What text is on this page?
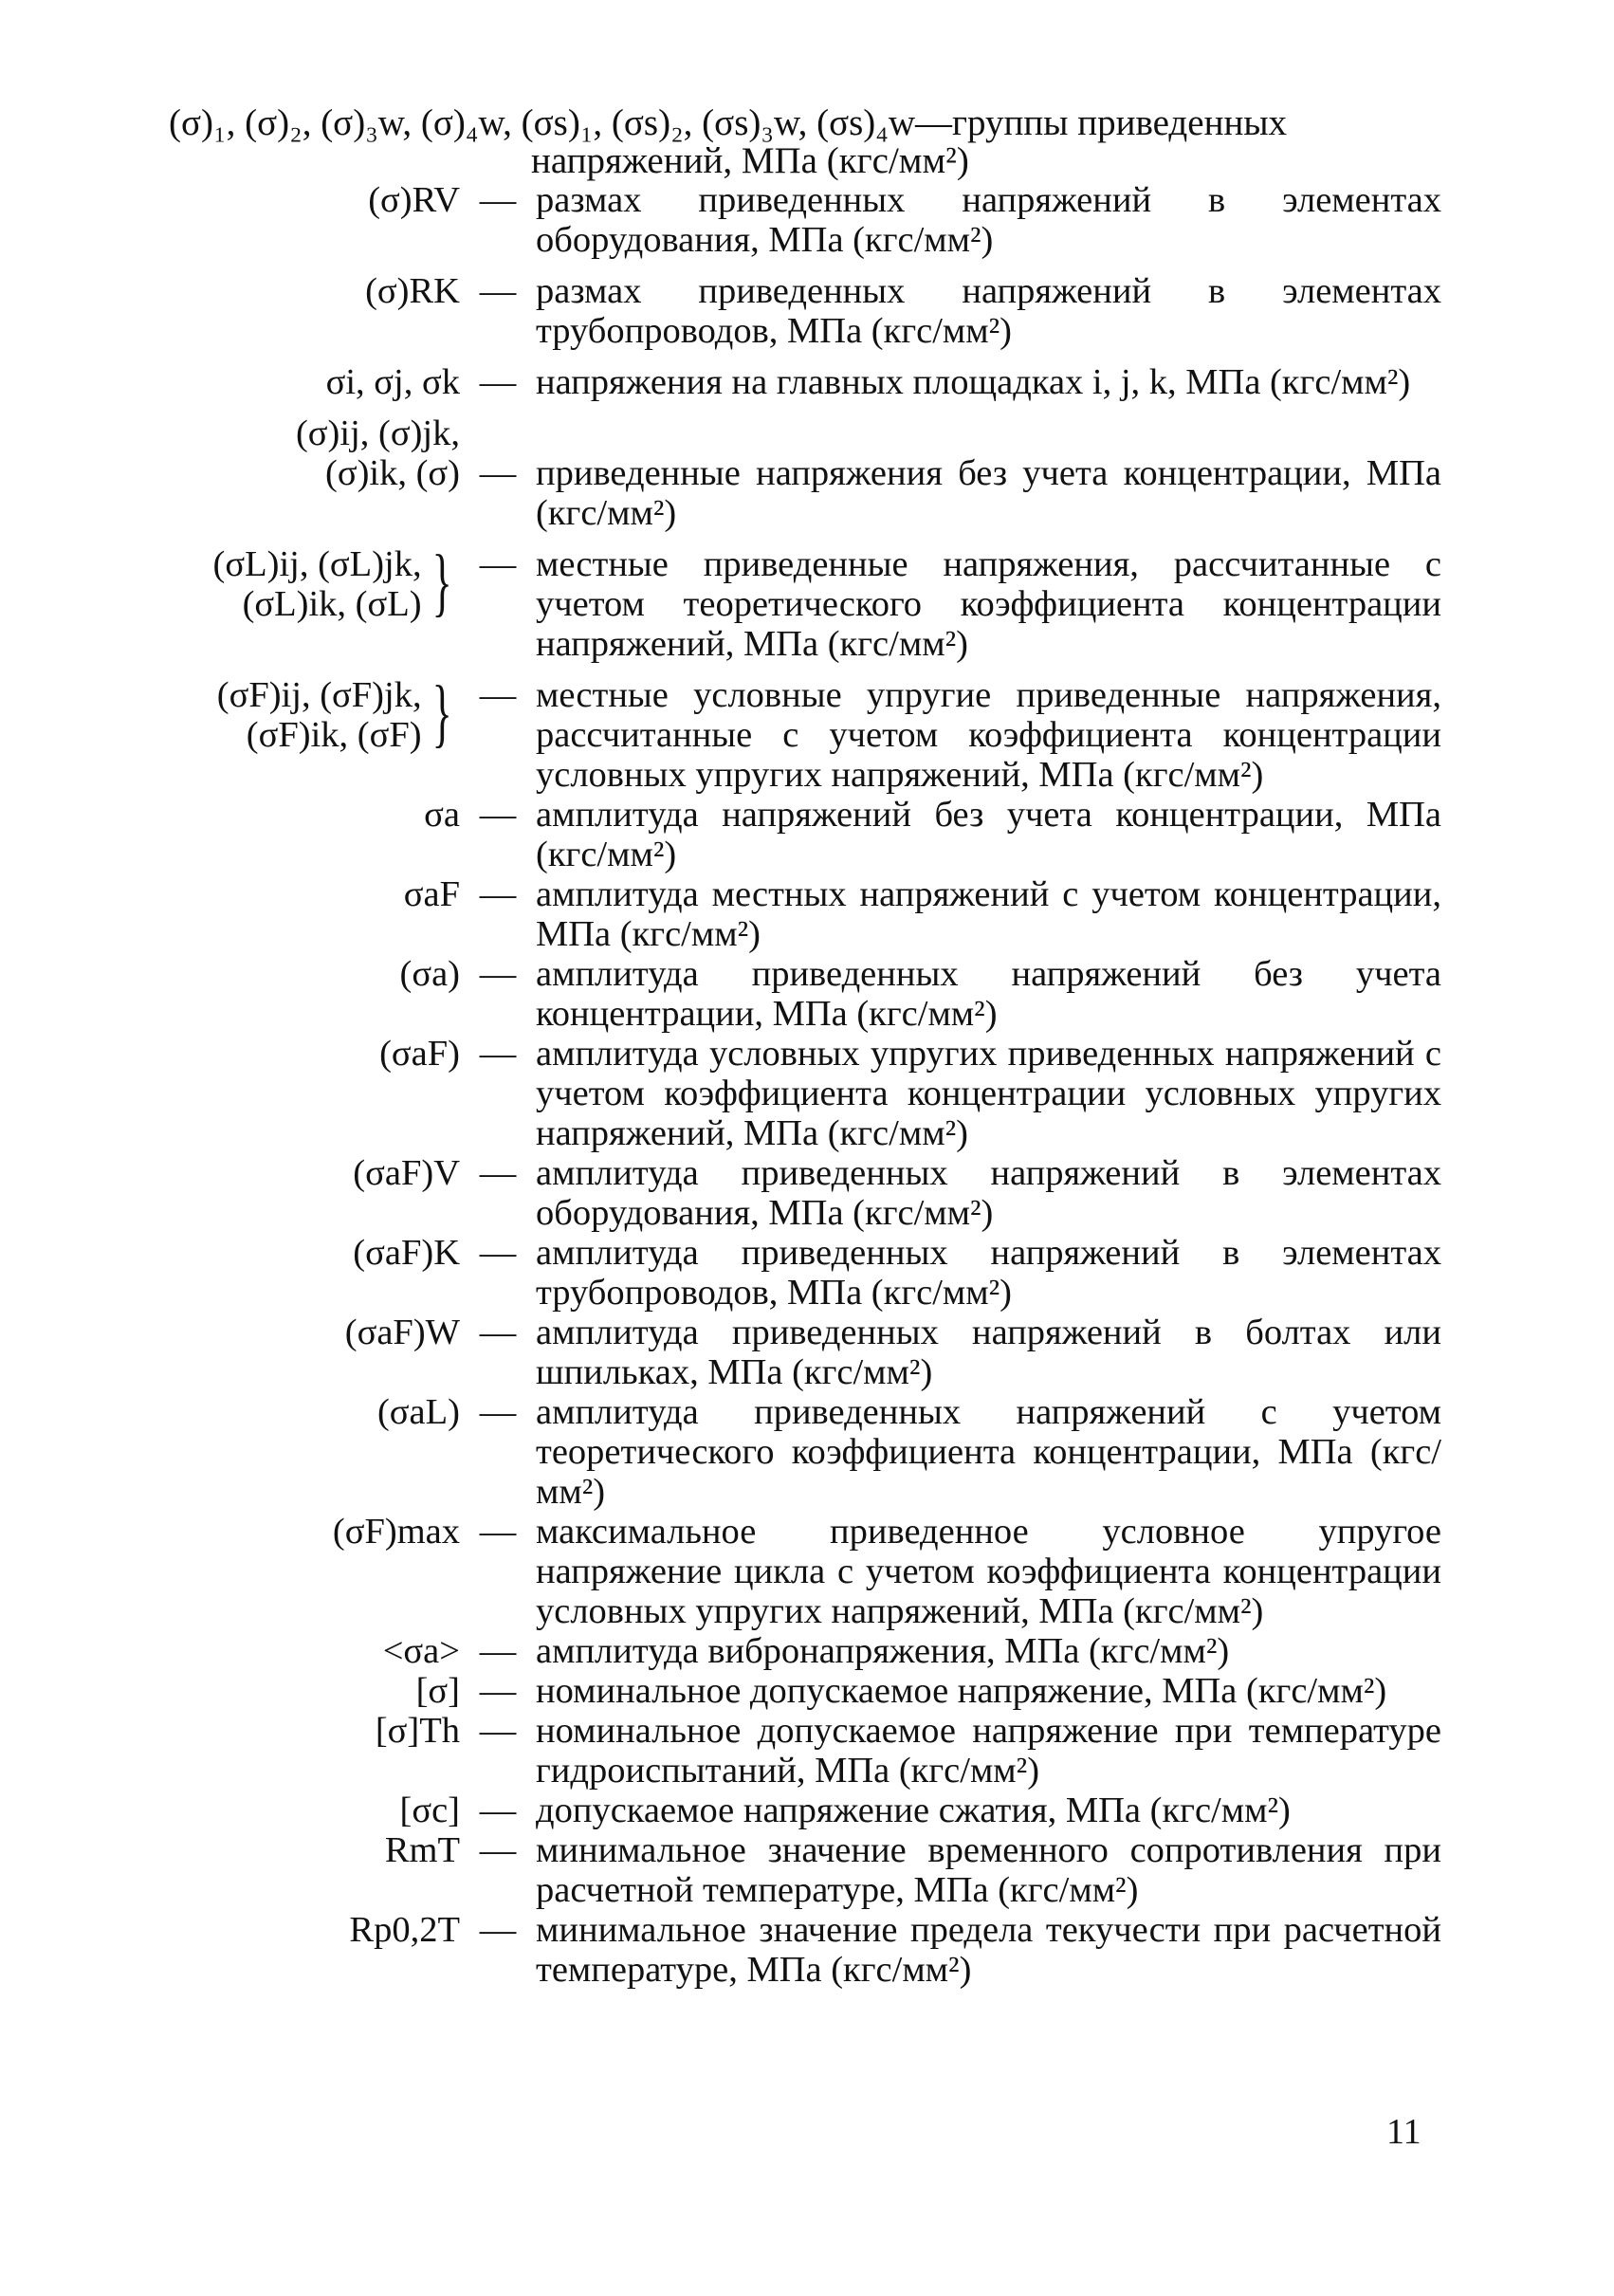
(σ)₁, (σ)₂, (σ)₃w, (σ)₄w, (σs)₁, (σs)₂, (σs)₃w, (σs)₄w—группы приведенных
напряжений, МПа (кгс/мм²)
(σ)RV — размах приведенных напряжений в элементах оборудования, МПа (кгс/мм²)
(σ)RK — размах приведенных напряжений в элементах трубопроводов, МПа (кгс/мм²)
σi, σj, σk — напряжения на главных площадках i, j, k, МПа (кгс/мм²)
(σ)ij, (σ)jk,
(σ)ik, (σ) — приведенные напряжения без учета концентрации, МПа (кгс/мм²)
(σL)ij, (σL)jk,
(σL)ik, (σL) } — местные приведенные напряжения, рассчитанные с учетом теоретического коэффициента концентрации напряжений, МПа (кгс/мм²)
(σF)ij, (σF)jk,
(σF)ik, (σF) } — местные условные упругие приведенные напряжения, рассчитанные с учетом коэффициента концентрации условных упругих напряжений, МПа (кгс/мм²)
σa — амплитуда напряжений без учета концентрации, МПа (кгс/мм²)
σaF — амплитуда местных напряжений с учетом концентрации, МПа (кгс/мм²)
(σa) — амплитуда приведенных напряжений без учета концентрации, МПа (кгс/мм²)
(σaF) — амплитуда условных упругих приведенных напряжений с учетом коэффициента концентрации условных упругих напряжений, МПа (кгс/мм²)
(σaF)V — амплитуда приведенных напряжений в элементах оборудования, МПа (кгс/мм²)
(σaF)K — амплитуда приведенных напряжений в элементах трубопроводов, МПа (кгс/мм²)
(σaF)W — амплитуда приведенных напряжений в болтах или шпильках, МПа (кгс/мм²)
(σaL) — амплитуда приведенных напряжений с учетом теоретического коэффициента концентрации, МПа (кгс/мм²)
(σF)max — максимальное приведенное условное упругое напряжение цикла с учетом коэффициента концентрации условных упругих напряжений, МПа (кгс/мм²)
<σa> — амплитуда вибронапряжения, МПа (кгс/мм²)
[σ] — номинальное допускаемое напряжение, МПа (кгс/мм²)
[σ]Th — номинальное допускаемое напряжение при температуре гидроиспытаний, МПа (кгс/мм²)
[σc] — допускаемое напряжение сжатия, МПа (кгс/мм²)
RmT — минимальное значение временного сопротивления при расчетной температуре, МПа (кгс/мм²)
Rp0,2T — минимальное значение предела текучести при расчетной температуре, МПа (кгс/мм²)
11
